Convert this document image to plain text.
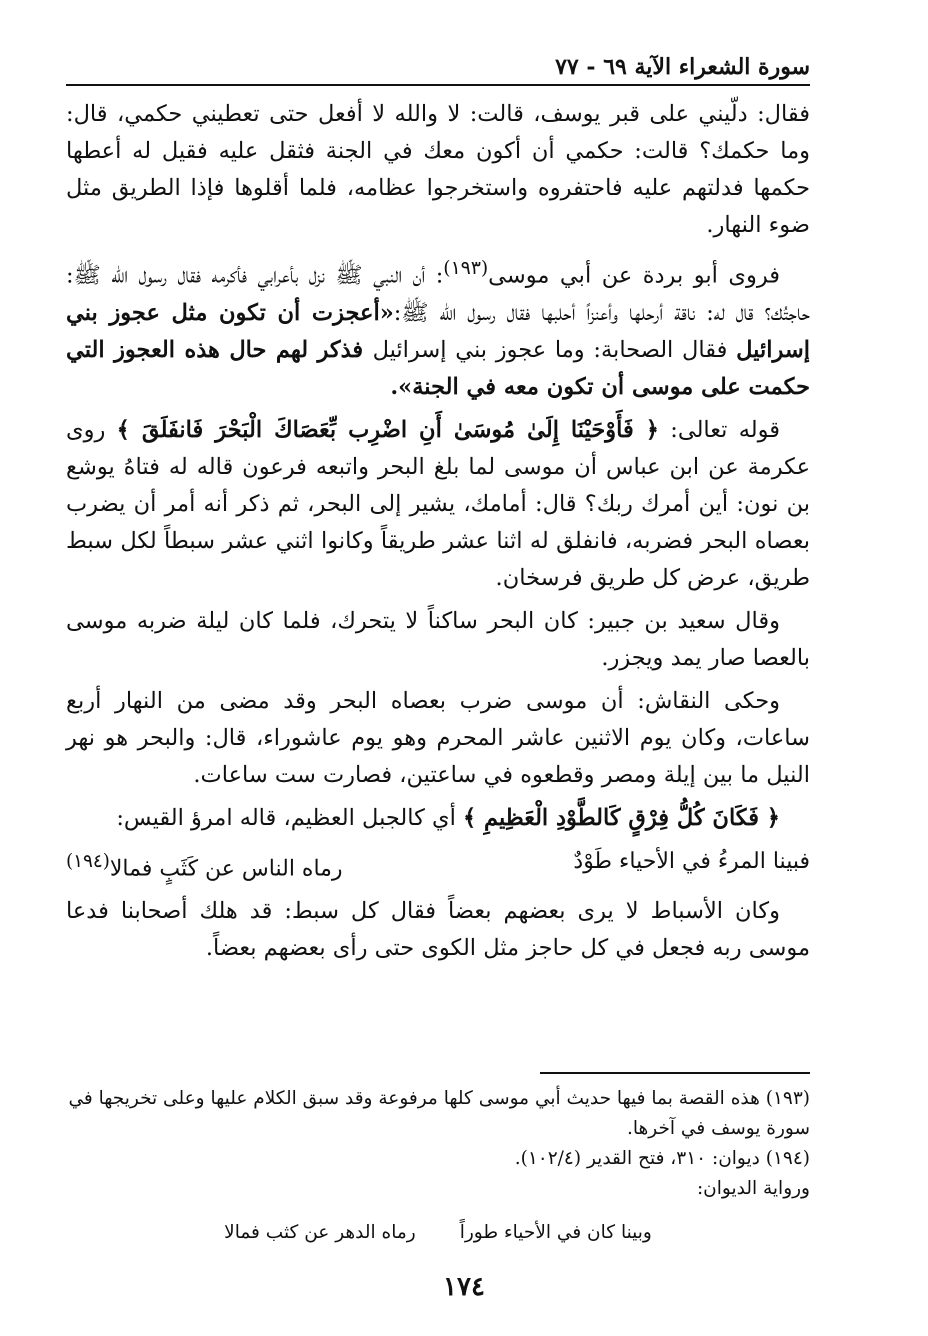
سورة الشعراء الآية ٦٩ - ٧٧

فقال: دلّيني على قبر يوسف، قالت: لا والله لا أفعل حتى تعطيني حكمي، قال: وما حكمك؟ قالت: حكمي أن أكون معك في الجنة فثقل عليه فقيل له أعطها حكمها فدلتهم عليه فاحتفروه واستخرجوا عظامه، فلما أقلوها فإذا الطريق مثل ضوء النهار.

فروى أبو بردة عن أبي موسى$^{(١٩٣)}$: أن النبي ﷺ نزل بأعرابي فأكرمه فقال رسول الله ﷺ: حاجتُك؟ قال له: ناقة أرحلها وأعنزاً أحلبها فقال رسول الله ﷺ:«أعجزت أن تكون مثل عجوز بني إسرائيل فقال الصحابة: وما عجوز بني إسرائيل فذكر لهم حال هذه العجوز التي حكمت على موسى أن تكون معه في الجنة».

قوله تعالى: ﴿ فَأَوْحَيْنَا إِلَىٰ مُوسَىٰ أَنِ اضْرِب بِّعَصَاكَ الْبَحْرَ فَانفَلَقَ ﴾ روى عكرمة عن ابن عباس أن موسى لما بلغ البحر واتبعه فرعون قاله له فتاهُ يوشع بن نون: أين أمرك ربك؟ قال: أمامك، يشير إلى البحر، ثم ذكر أنه أمر أن يضرب بعصاه البحر فضربه، فانفلق له اثنا عشر طريقاً وكانوا اثني عشر سبطاً لكل سبط طريق، عرض كل طريق فرسخان.

وقال سعيد بن جبير: كان البحر ساكناً لا يتحرك، فلما كان ليلة ضربه موسى بالعصا صار يمد ويجزر.

وحكى النقاش: أن موسى ضرب بعصاه البحر وقد مضى من النهار أربع ساعات، وكان يوم الاثنين عاشر المحرم وهو يوم عاشوراء، قال: والبحر هو نهر النيل ما بين إيلة ومصر وقطعوه في ساعتين، فصارت ست ساعات.

﴿ فَكَانَ كُلُّ فِرْقٍ كَالطَّوْدِ الْعَظِيمِ ﴾ أي كالجبل العظيم، قاله امرؤ القيس:

فبينا المرءُ في الأحياء طَوْدٌ
رماه الناس عن كَثَبٍ فمالا$^{(١٩٤)}$

وكان الأسباط لا يرى بعضهم بعضاً فقال كل سبط: قد هلك أصحابنا فدعا موسى ربه فجعل في كل حاجز مثل الكوى حتى رأى بعضهم بعضاً.

(١٩٣) هذه القصة بما فيها حديث أبي موسى كلها مرفوعة وقد سبق الكلام عليها وعلى تخريجها في سورة يوسف في آخرها.

(١٩٤) ديوان: ٣١٠، فتح القدير (١٠٢/٤).

ورواية الديوان:

وبينا كان في الأحياء طوراً
رماه الدهر عن كثب فمالا
١٧٤
